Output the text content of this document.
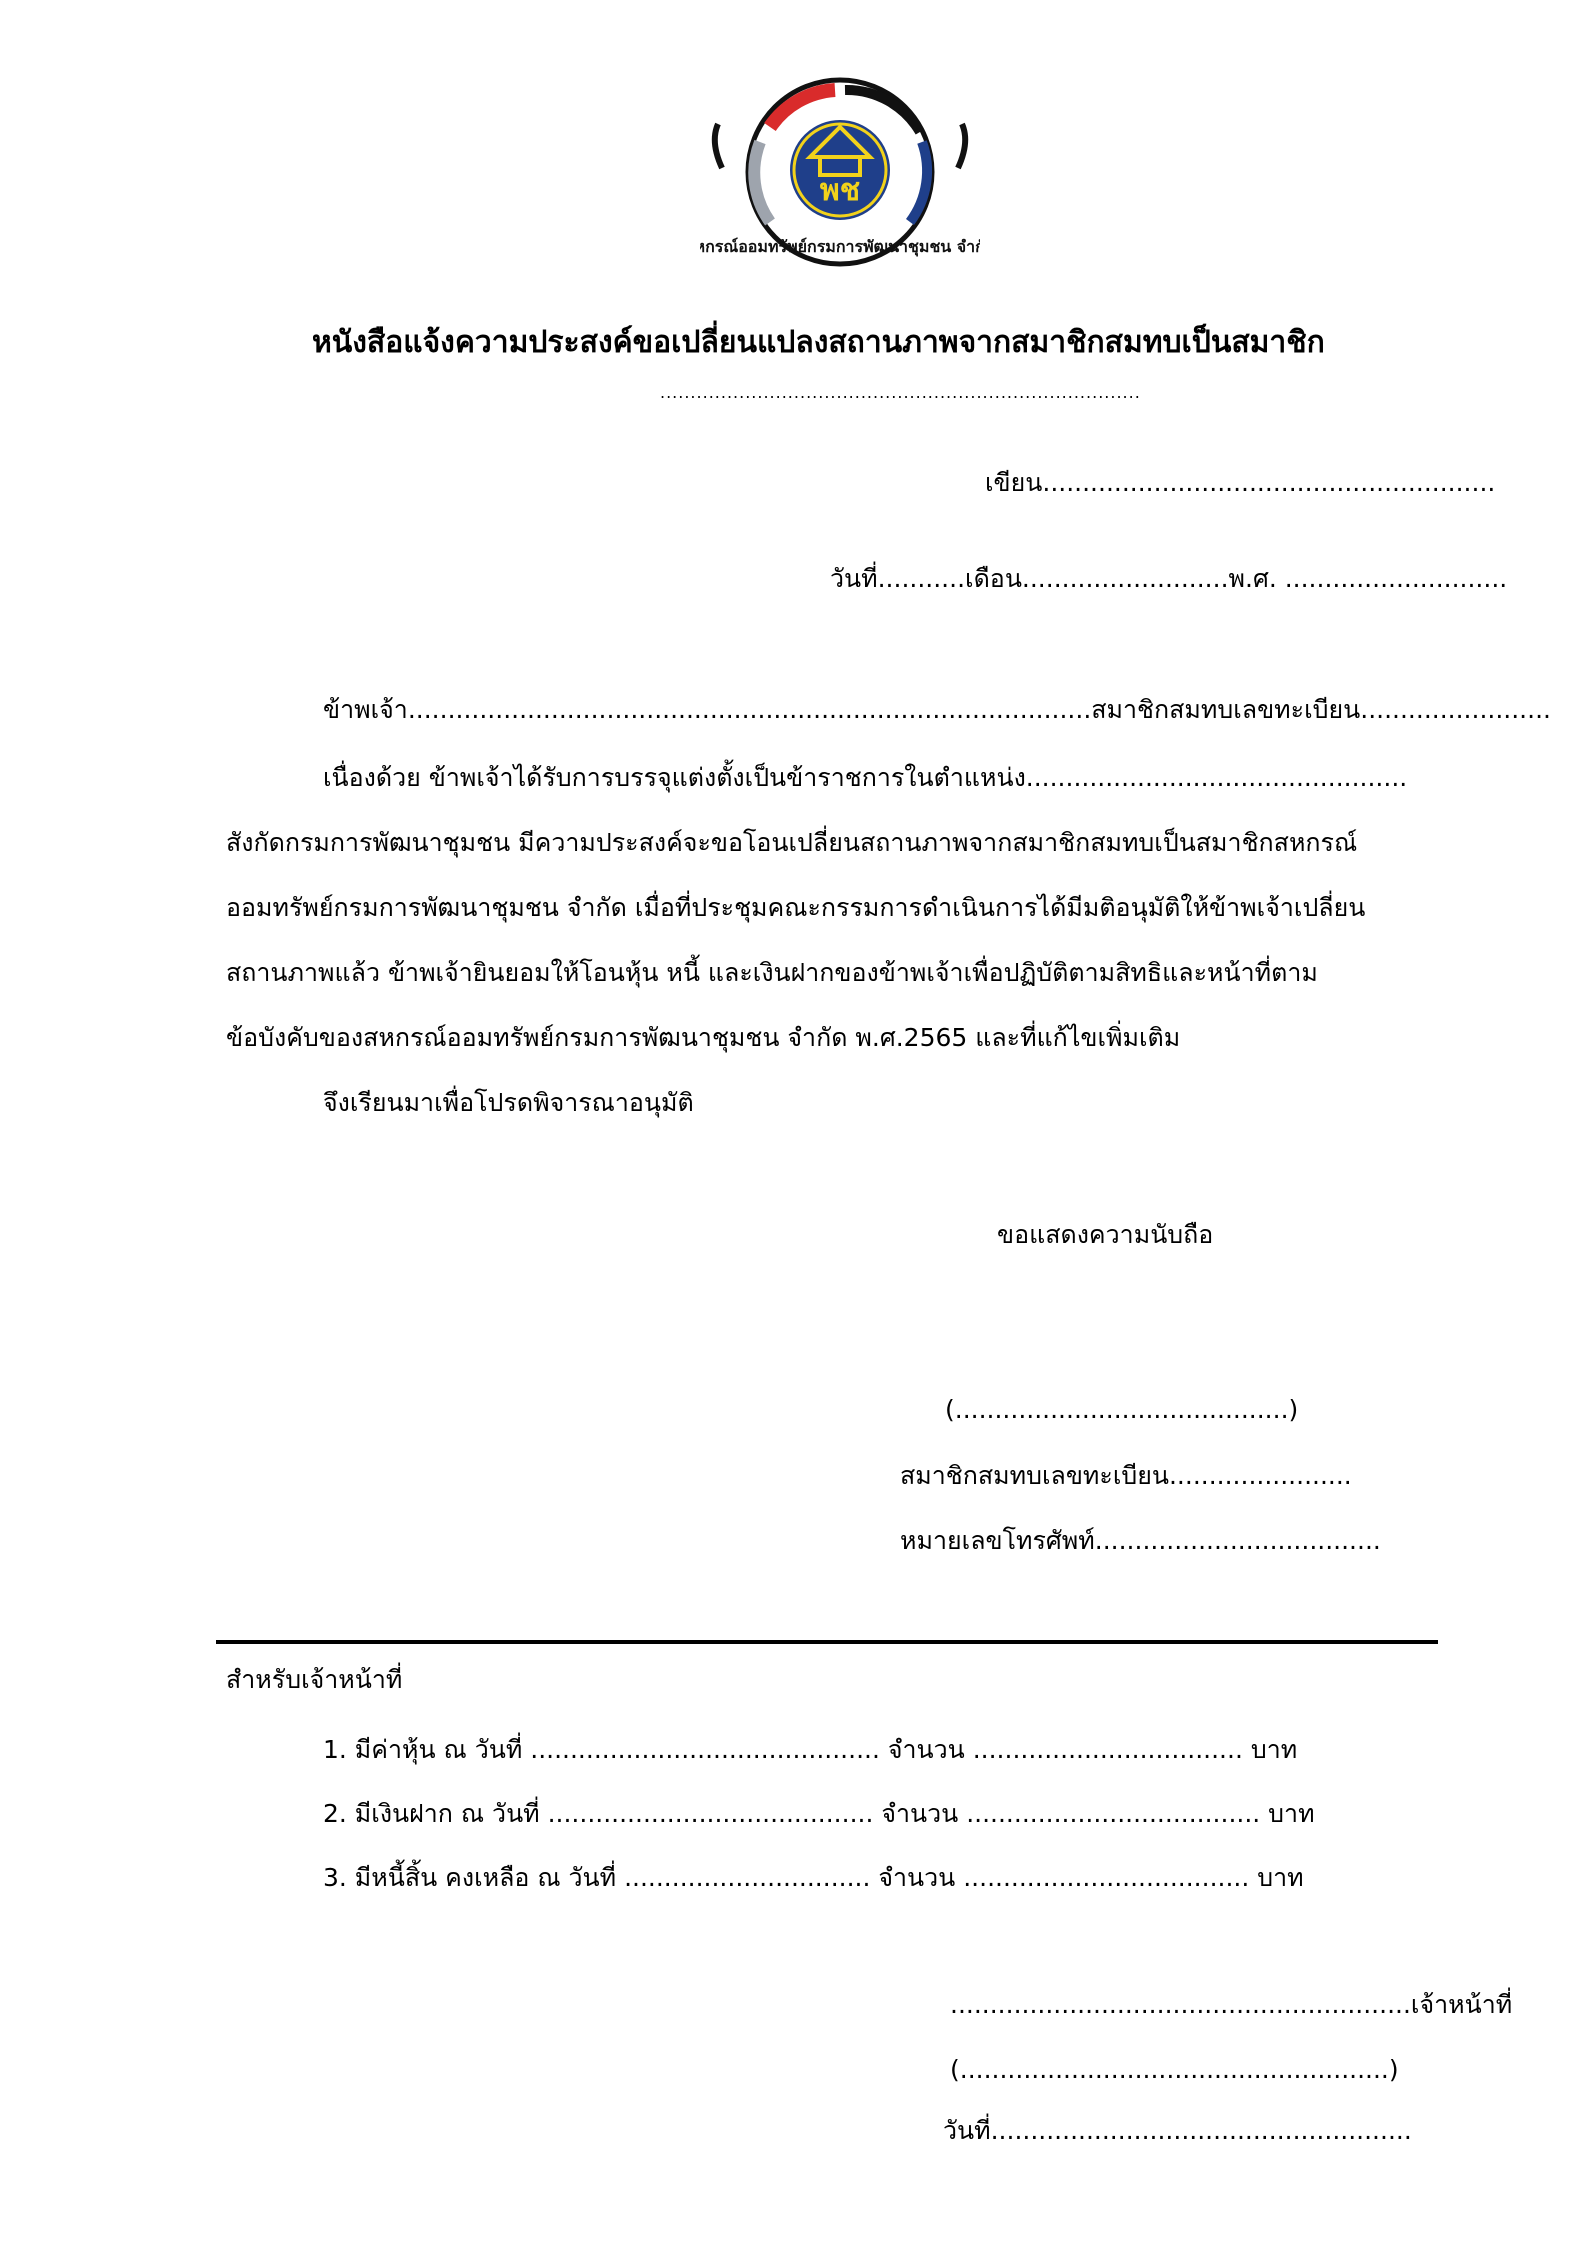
สหกรณ์ออมทรัพย์กรมการพัฒนาชุมชน จำกัด
พช
หนังสือแจ้งความประสงค์ขอเปลี่ยนแปลงสถานภาพจากสมาชิกสมทบเป็นสมาชิก
...............................................................................
เขียน.........................................................
วันที่...........เดือน..........................พ.ศ. ............................
ข้าพเจ้า......................................................................................สมาชิกสมทบเลขทะเบียน........................
เนื่องด้วย ข้าพเจ้าได้รับการบรรจุแต่งตั้งเป็นข้าราชการในตำแหน่ง................................................
สังกัดกรมการพัฒนาชุมชน มีความประสงค์จะขอโอนเปลี่ยนสถานภาพจากสมาชิกสมทบเป็นสมาชิกสหกรณ์
ออมทรัพย์กรมการพัฒนาชุมชน จำกัด เมื่อที่ประชุมคณะกรรมการดำเนินการได้มีมติอนุมัติให้ข้าพเจ้าเปลี่ยน
สถานภาพแล้ว ข้าพเจ้ายินยอมให้โอนหุ้น หนี้ และเงินฝากของข้าพเจ้าเพื่อปฏิบัติตามสิทธิและหน้าที่ตาม
ข้อบังคับของสหกรณ์ออมทรัพย์กรมการพัฒนาชุมชน จำกัด พ.ศ.2565 และที่แก้ไขเพิ่มเติม
จึงเรียนมาเพื่อโปรดพิจารณาอนุมัติ
ขอแสดงความนับถือ
(..........................................)
สมาชิกสมทบเลขทะเบียน.......................
หมายเลขโทรศัพท์....................................
สำหรับเจ้าหน้าที่
1. มีค่าหุ้น ณ วันที่ ............................................ จำนวน .................................. บาท
2. มีเงินฝาก ณ วันที่ ......................................... จำนวน ..................................... บาท
3. มีหนี้สิ้น คงเหลือ ณ วันที่ ............................... จำนวน .................................... บาท
..........................................................เจ้าหน้าที่
(......................................................)
วันที่.....................................................
